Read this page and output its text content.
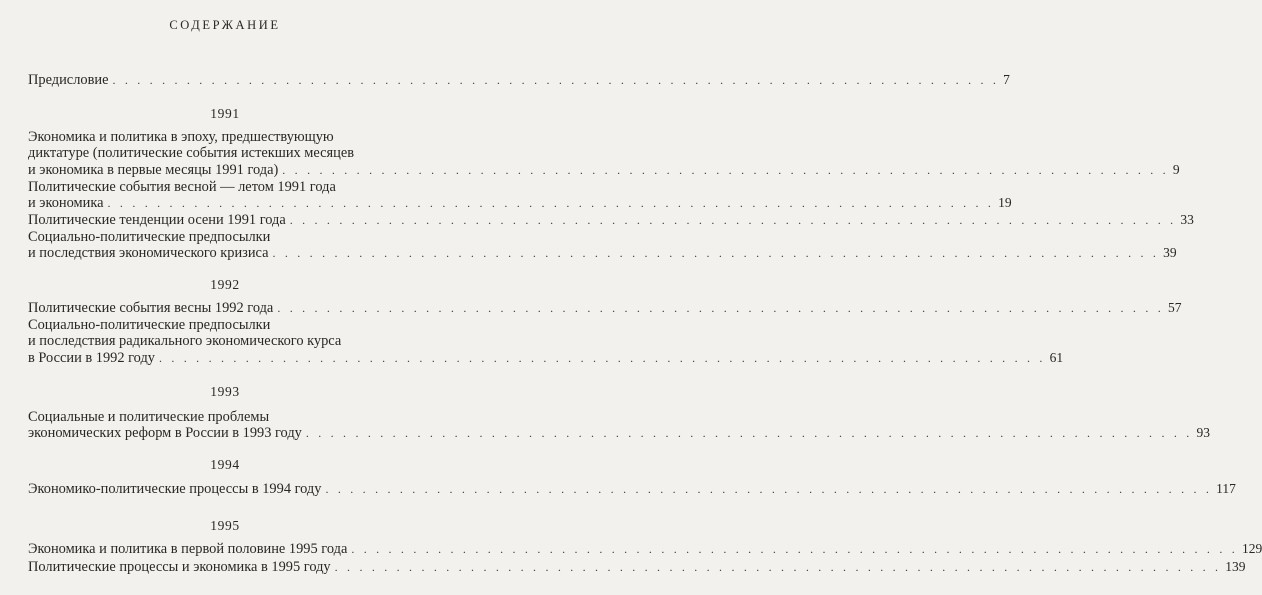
СОДЕРЖАНИЕ
Предисловие . . . . . . . . . . . . . . . . . . . . . . . . . . . . . . . . . . . . . . . . . . . . . . . . . . . . . . . . . . . . . . . . . . . . . . . . 7
1991
Экономика и политика в эпоху, предшествующую
диктатуре (политические события истекших месяцев
и экономика в первые месяцы 1991 года) . . . . . . . . . . . . . . . . . . . . . . . . . . . . . . . . . . . . . . . . . . . . . . . . . . . . . . . . . . . . . . . . . . . . . . . . 9
Политические события весной — летом 1991 года
и экономика . . . . . . . . . . . . . . . . . . . . . . . . . . . . . . . . . . . . . . . . . . . . . . . . . . . . . . . . . . . . . . . . . . . . . . . . 19
Политические тенденции осени 1991 года . . . . . . . . . . . . . . . . . . . . . . . . . . . . . . . . . . . . . . . . . . . . . . . . . . . . . . . . . . . . . . . . . . . . . . . . 33
Социально-политические предпосылки
и последствия экономического кризиса . . . . . . . . . . . . . . . . . . . . . . . . . . . . . . . . . . . . . . . . . . . . . . . . . . . . . . . . . . . . . . . . . . . . . . . . 39
1992
Политические события весны 1992 года . . . . . . . . . . . . . . . . . . . . . . . . . . . . . . . . . . . . . . . . . . . . . . . . . . . . . . . . . . . . . . . . . . . . . . . . 57
Социально-политические предпосылки
и последствия радикального экономического курса
в России в 1992 году . . . . . . . . . . . . . . . . . . . . . . . . . . . . . . . . . . . . . . . . . . . . . . . . . . . . . . . . . . . . . . . . . . . . . . . . 61
1993
Социальные и политические проблемы
экономических реформ в России в 1993 году . . . . . . . . . . . . . . . . . . . . . . . . . . . . . . . . . . . . . . . . . . . . . . . . . . . . . . . . . . . . . . . . . . . . . . . . 93
1994
Экономико-политические процессы в 1994 году . . . . . . . . . . . . . . . . . . . . . . . . . . . . . . . . . . . . . . . . . . . . . . . . . . . . . . . . . . . . . . . . . . . . . . . . 117
1995
Экономика и политика в первой половине 1995 года . . . . . . . . . . . . . . . . . . . . . . . . . . . . . . . . . . . . . . . . . . . . . . . . . . . . . . . . . . . . . . . . . . . . . . . . 129
Политические процессы и экономика в 1995 году . . . . . . . . . . . . . . . . . . . . . . . . . . . . . . . . . . . . . . . . . . . . . . . . . . . . . . . . . . . . . . . . . . . . . . . . 139
